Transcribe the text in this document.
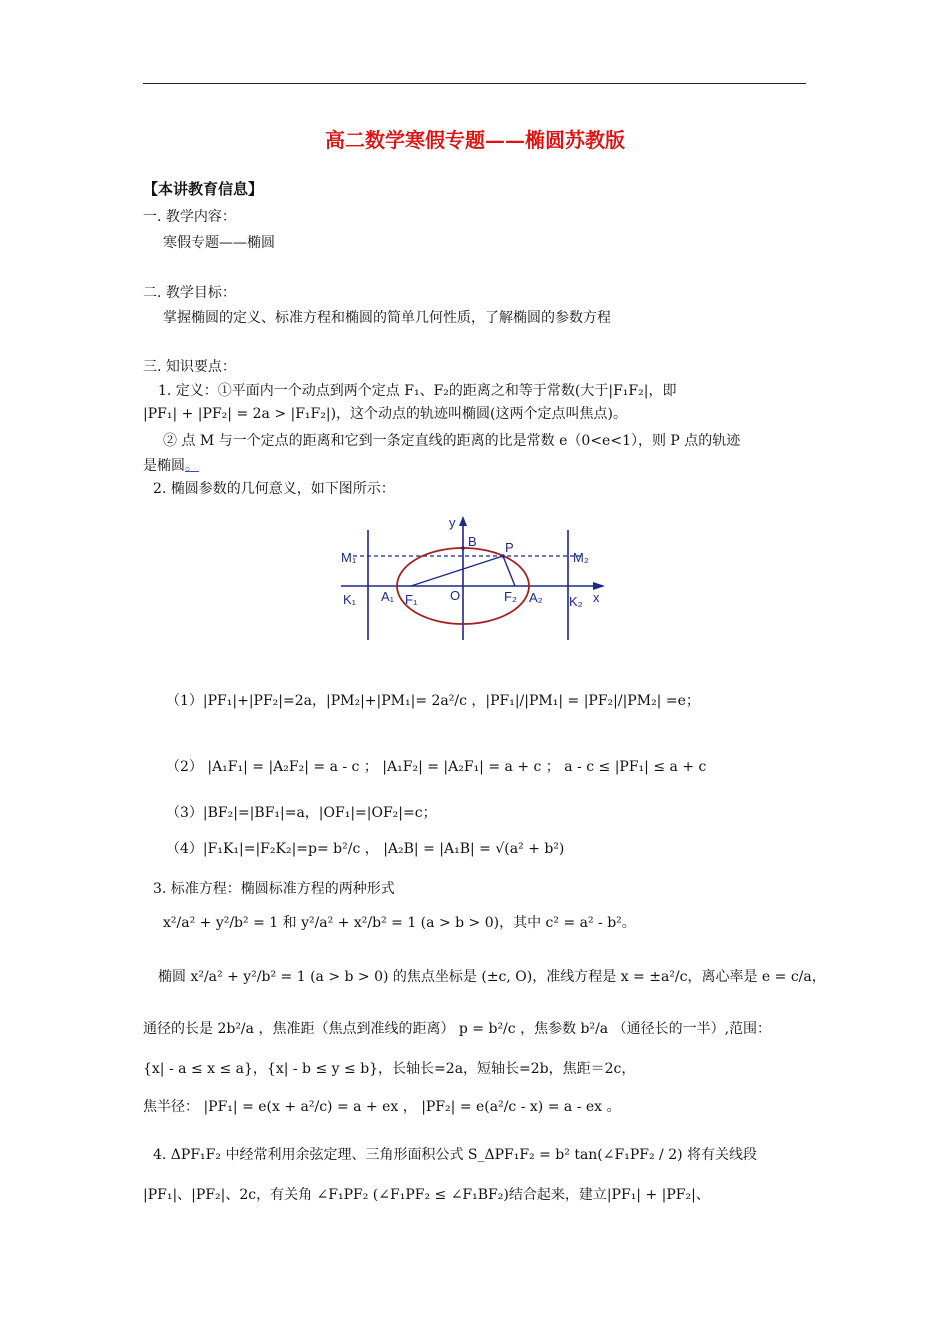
高二数学寒假专题——椭圆苏教版
【本讲教育信息】
一. 教学内容：
寒假专题——椭圆
二. 教学目标：
掌握椭圆的定义、标准方程和椭圆的简单几何性质，了解椭圆的参数方程
三. 知识要点：
1. 定义：①平面内一个动点到两个定点 F₁、F₂的距离之和等于常数(大于|F₁F₂|，即
|PF₁| + |PF₂| = 2a > |F₁F₂|)，这个动点的轨迹叫椭圆(这两个定点叫焦点)。
② 点 M 与一个定点的距离和它到一条定直线的距离的比是常数 e（0<e<1），则 P 点的轨迹
是椭圆。
2. 椭圆参数的几何意义，如下图所示：
y
B P
M₁	M₂
K₁	K₂
A₁ F₁	O	F₂ A₂	x
（1）|PF₁|+|PF₂|=2a，|PM₂|+|PM₁|= 2a²/c ，|PF₁|/|PM₁| = |PF₂|/|PM₂| =e；
（2） |A₁F₁| = |A₂F₂| = a - c ； |A₁F₂| = |A₂F₁| = a + c ； a - c ≤ |PF₁| ≤ a + c
（3）|BF₂|=|BF₁|=a，|OF₁|=|OF₂|=c；
（4）|F₁K₁|=|F₂K₂|=p= b²/c ， |A₂B| = |A₁B| = √(a² + b²)
3. 标准方程：椭圆标准方程的两种形式
x²/a² + y²/b² = 1 和 y²/a² + x²/b² = 1 (a > b > 0)，其中 c² = a² - b²。
椭圆 x²/a² + y²/b² = 1 (a > b > 0) 的焦点坐标是 (±c, O)，准线方程是 x = ±a²/c，离心率是 e = c/a，
通径的长是 2b²/a ，焦准距（焦点到准线的距离） p = b²/c ，焦参数 b²/a （通径长的一半）,范围：
{x| - a ≤ x ≤ a}，{x| - b ≤ y ≤ b}，长轴长=2a，短轴长=2b，焦距＝2c，
焦半径： |PF₁| = e(x + a²/c) = a + ex ， |PF₂| = e(a²/c - x) = a - ex 。
4. ΔPF₁F₂ 中经常利用余弦定理、三角形面积公式 S_ΔPF₁F₂ = b² tan(∠F₁PF₂ / 2) 将有关线段
|PF₁|、|PF₂|、2c，有关角 ∠F₁PF₂ (∠F₁PF₂ ≤ ∠F₁BF₂)结合起来，建立|PF₁| + |PF₂|、
